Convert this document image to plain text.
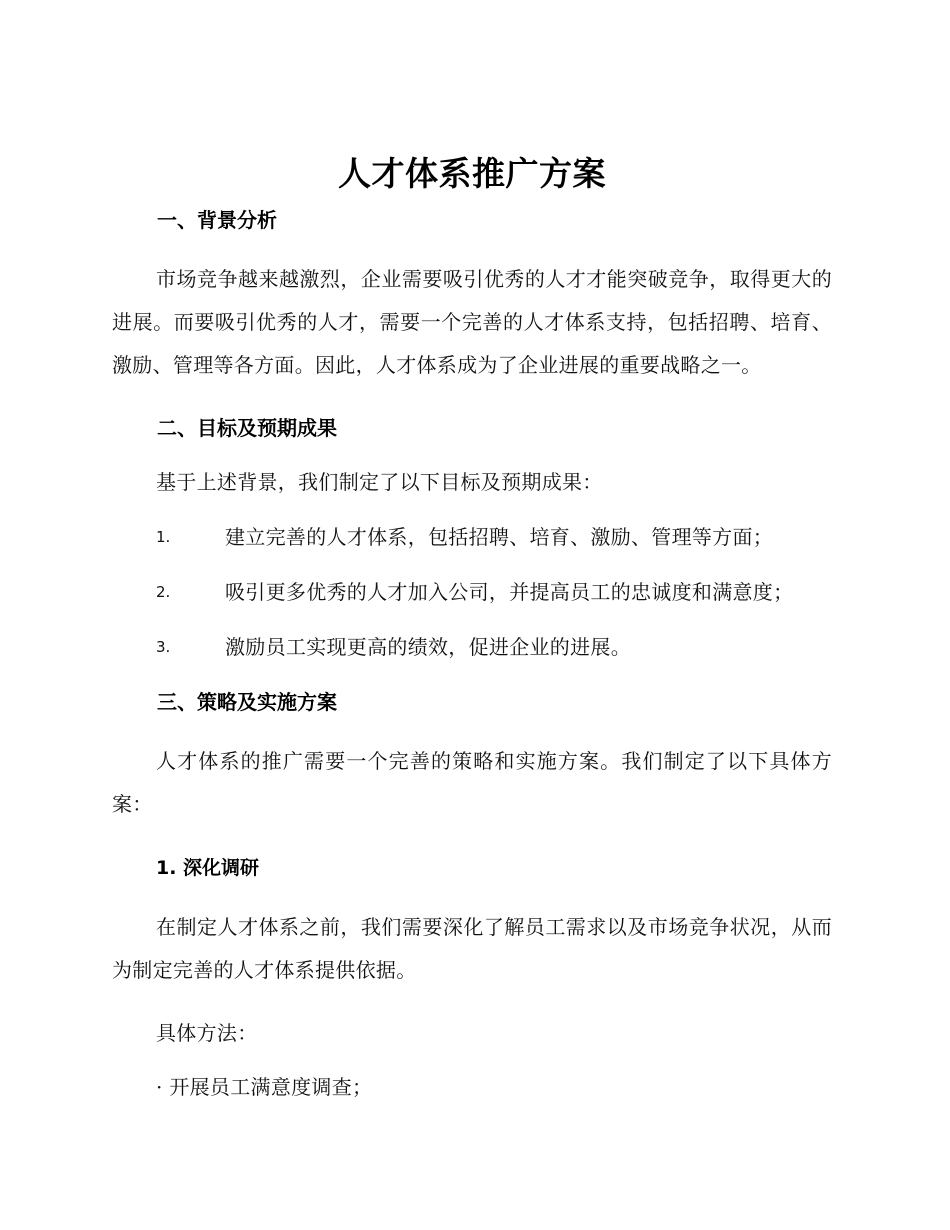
人才体系推广方案
一、背景分析

市场竞争越来越激烈，企业需要吸引优秀的人才才能突破竞争，取得更大的进展。而要吸引优秀的人才，需要一个完善的人才体系支持，包括招聘、培育、激励、管理等各方面。因此，人才体系成为了企业进展的重要战略之一。

二、目标及预期成果

基于上述背景，我们制定了以下目标及预期成果：

1.	建立完善的人才体系，包括招聘、培育、激励、管理等方面；
2.	吸引更多优秀的人才加入公司，并提高员工的忠诚度和满意度；
3.	激励员工实现更高的绩效，促进企业的进展。
三、策略及实施方案

人才体系的推广需要一个完善的策略和实施方案。我们制定了以下具体方案：

1. 深化调研

在制定人才体系之前，我们需要深化了解员工需求以及市场竞争状况，从而为制定完善的人才体系提供依据。

具体方法：

· 开展员工满意度调查；
